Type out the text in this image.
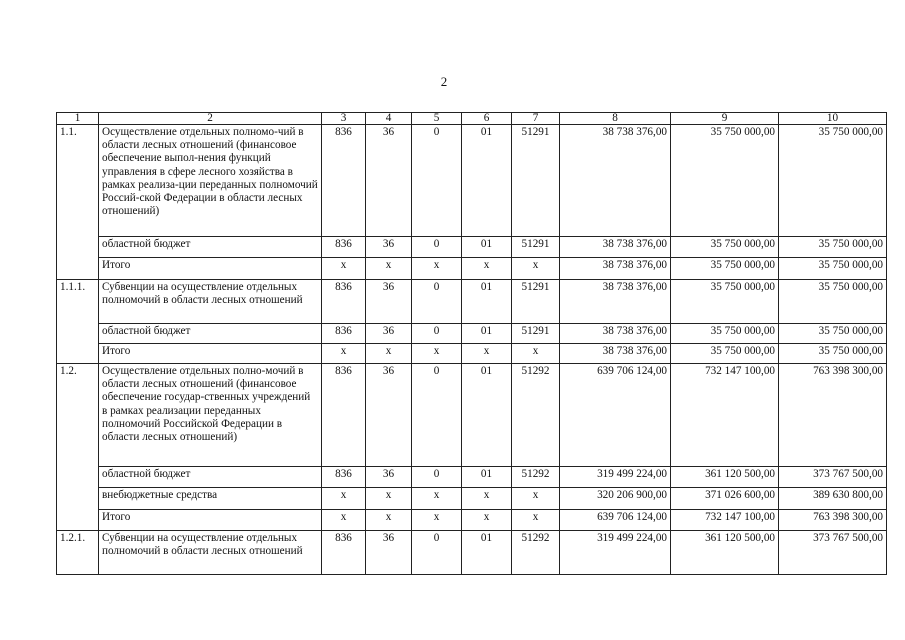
2
1	2	3	4	5	6	7	8	9	10
1.1.	Осуществление отдельных полномо-чий в области лесных отношений (финансовое обеспечение выпол-нения функций управления в сфере лесного хозяйства в рамках реализа-ции переданных полномочий Россий-ской Федерации в области лесных отношений)	836	36	0	01	51291	38 738 376,00	35 750 000,00	35 750 000,00
	областной бюджет	836	36	0	01	51291	38 738 376,00	35 750 000,00	35 750 000,00
	Итого	x	x	x	x	x	38 738 376,00	35 750 000,00	35 750 000,00
1.1.1.	Субвенции на осуществление отдельных полномочий в области лесных отношений	836	36	0	01	51291	38 738 376,00	35 750 000,00	35 750 000,00
	областной бюджет	836	36	0	01	51291	38 738 376,00	35 750 000,00	35 750 000,00
	Итого	x	x	x	x	x	38 738 376,00	35 750 000,00	35 750 000,00
1.2.	Осуществление отдельных полно-мочий в области лесных отношений (финансовое обеспечение государ-ственных учреждений в рамках реализации переданных полномочий Российской Федерации в области лесных отношений)	836	36	0	01	51292	639 706 124,00	732 147 100,00	763 398 300,00
	областной бюджет	836	36	0	01	51292	319 499 224,00	361 120 500,00	373 767 500,00
	внебюджетные средства	x	x	x	x	x	320 206 900,00	371 026 600,00	389 630 800,00
	Итого	x	x	x	x	x	639 706 124,00	732 147 100,00	763 398 300,00
1.2.1.	Субвенции на осуществление отдельных полномочий в области лесных отношений	836	36	0	01	51292	319 499 224,00	361 120 500,00	373 767 500,00
